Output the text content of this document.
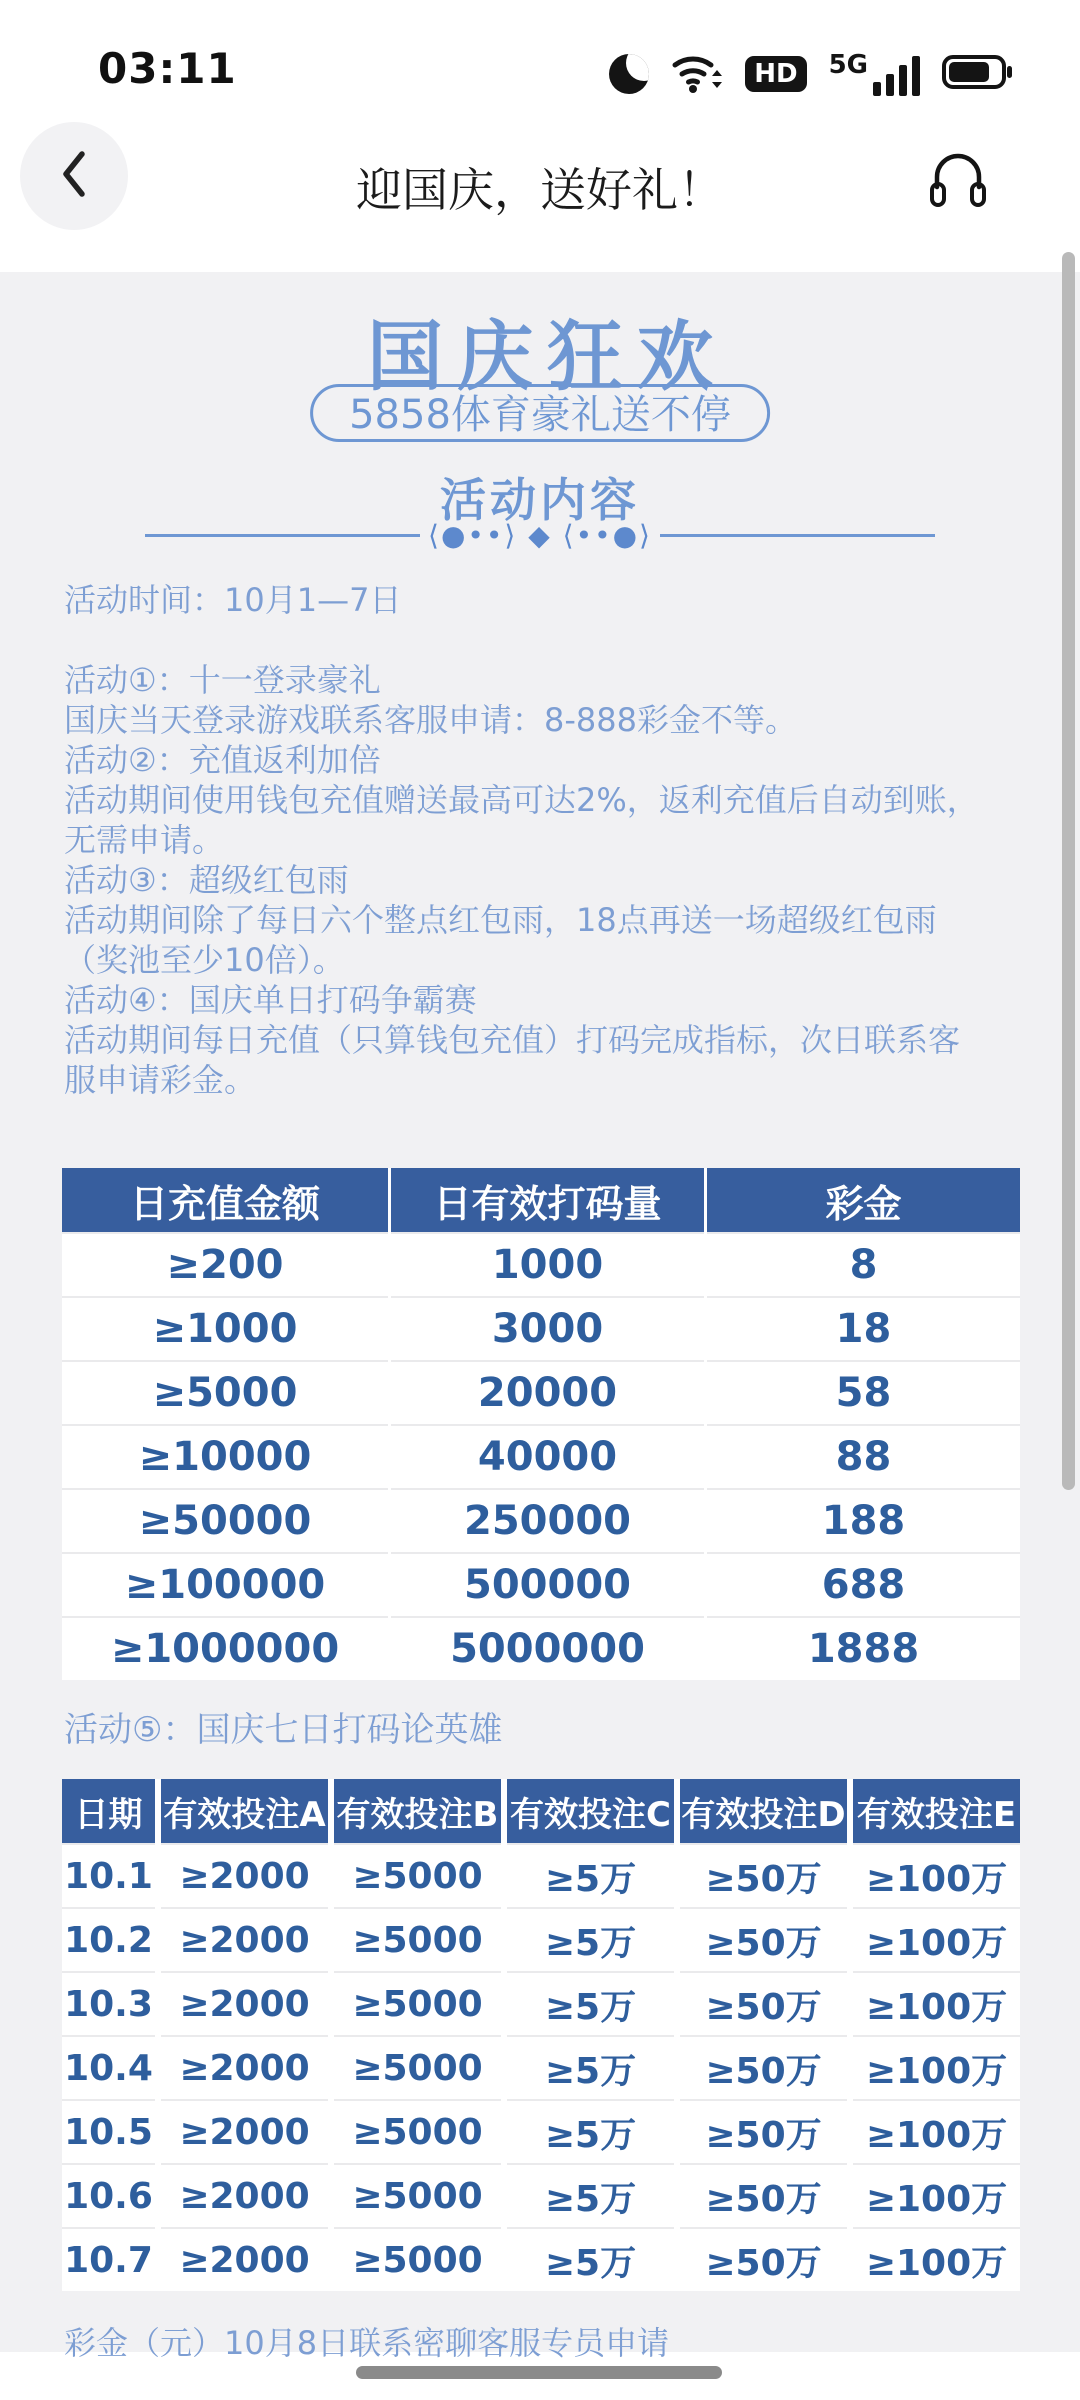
03:11	HD	5G
迎国庆，送好礼！
国庆狂欢
5858体育豪礼送不停
活动内容
⟨●••⟩ ◆ ⟨••●⟩
活动时间：10月1—7日

活动①：十一登录豪礼
国庆当天登录游戏联系客服申请：8-888彩金不等。
活动②：充值返利加倍
活动期间使用钱包充值赠送最高可达2%，返利充值后自动到账，
无需申请。
活动③：超级红包雨
活动期间除了每日六个整点红包雨，18点再送一场超级红包雨
（奖池至少10倍）。
活动④：国庆单日打码争霸赛
活动期间每日充值（只算钱包充值）打码完成指标，次日联系客
服申请彩金。
日充值金额	日有效打码量	彩金
≥200	1000	8
≥1000	3000	18
≥5000	20000	58
≥10000	40000	88
≥50000	250000	188
≥100000	500000	688
≥1000000	5000000	1888
活动⑤：国庆七日打码论英雄
日期 有效投注A 有效投注B 有效投注C 有效投注D 有效投注E
10.1 ≥2000	≥5000	≥5万	≥50万	≥100万
10.2 ≥2000	≥5000	≥5万	≥50万	≥100万
10.3 ≥2000	≥5000	≥5万	≥50万	≥100万
10.4 ≥2000	≥5000	≥5万	≥50万	≥100万
10.5 ≥2000	≥5000	≥5万	≥50万	≥100万
10.6 ≥2000	≥5000	≥5万	≥50万	≥100万
10.7 ≥2000	≥5000	≥5万	≥50万	≥100万
彩金（元）10月8日联系密聊客服专员申请
